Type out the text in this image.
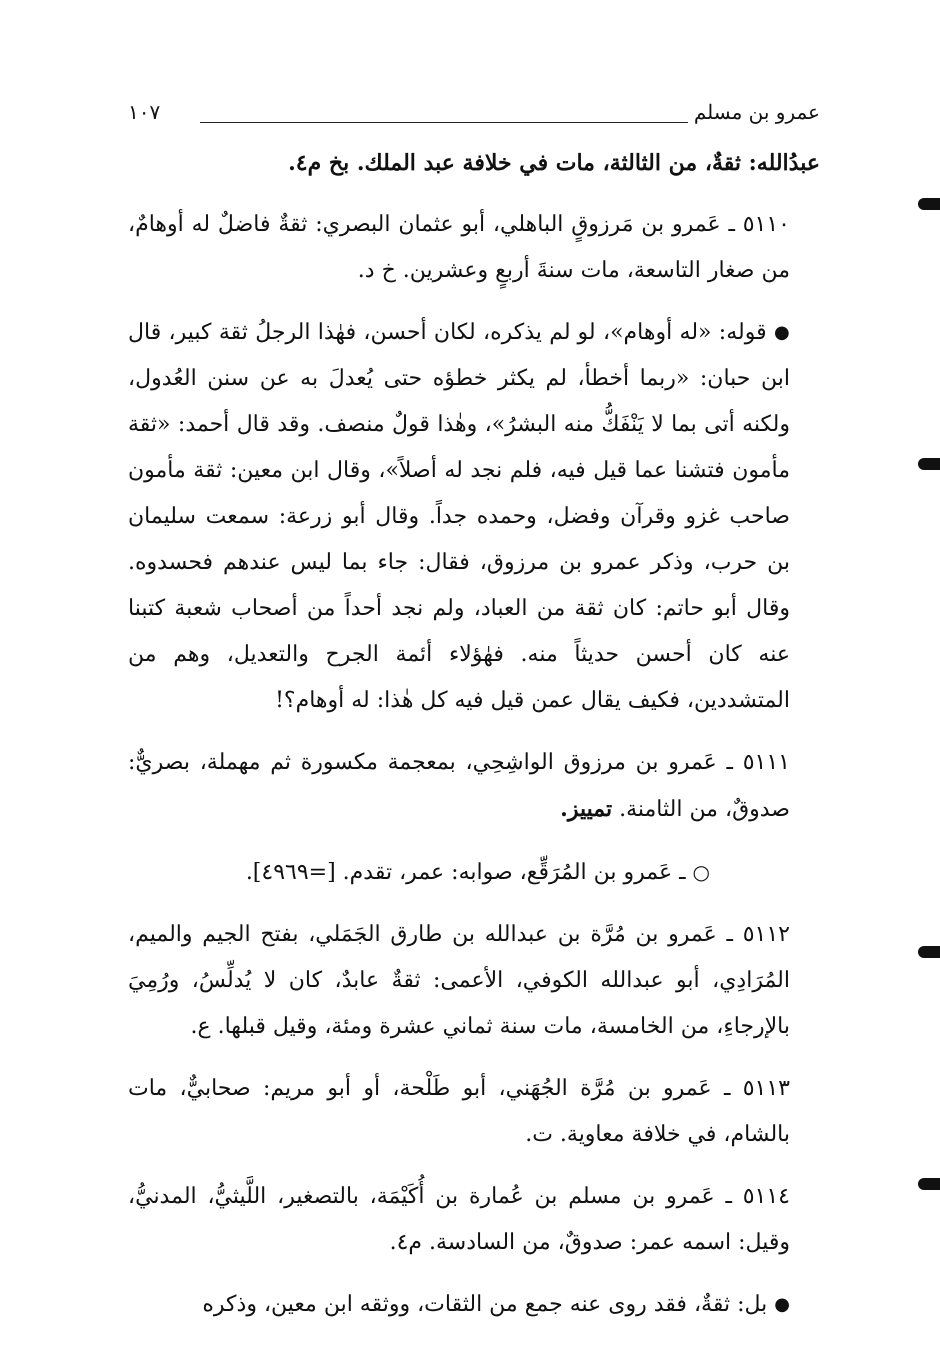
عمرو بن مسلم
١٠٧

عبدُالله: ثقةٌ، من الثالثة، مات في خلافة عبد الملك. بخ م٤.

٥١١٠ ـ عَمرو بن مَرزوقٍ الباهلي، أبو عثمان البصري: ثقةٌ فاضلٌ له أوهامٌ، من صغار التاسعة، مات سنةَ أربعٍ وعشرين. خ د.

● قوله: «له أوهام»، لو لم يذكره، لكان أحسن، فهٰذا الرجلُ ثقة كبير، قال ابن حبان: «ربما أخطأ، لم يكثر خطؤه حتى يُعدلَ به عن سنن العُدول، ولكنه أتى بما لا يَنْفَكُّ منه البشرُ»، وهٰذا قولٌ منصف. وقد قال أحمد: «ثقة مأمون فتشنا عما قيل فيه، فلم نجد له أصلاً»، وقال ابن معين: ثقة مأمون صاحب غزو وقرآن وفضل، وحمده جداً. وقال أبو زرعة: سمعت سليمان بن حرب، وذكر عمرو بن مرزوق، فقال: جاء بما ليس عندهم فحسدوه. وقال أبو حاتم: كان ثقة من العباد، ولم نجد أحداً من أصحاب شعبة كتبنا عنه كان أحسن حديثاً منه. فهٰؤلاء أئمة الجرح والتعديل، وهم من المتشددين، فكيف يقال عمن قيل فيه كل هٰذا: له أوهام؟!

٥١١١ ـ عَمرو بن مرزوق الواشِحِي، بمعجمة مكسورة ثم مهملة، بصريٌّ: صدوقٌ، من الثامنة. تمييز.

○ ـ عَمرو بن المُرَقِّع، صوابه: عمر، تقدم. [=٤٩٦٩].

٥١١٢ ـ عَمرو بن مُرَّة بن عبدالله بن طارق الجَمَلي، بفتح الجيم والميم، المُرَادِي، أبو عبدالله الكوفي، الأعمى: ثقةٌ عابدٌ، كان لا يُدلِّسُ، ورُمِيَ بالإرجاءِ، من الخامسة، مات سنة ثماني عشرة ومئة، وقيل قبلها. ع.

٥١١٣ ـ عَمرو بن مُرَّة الجُهَني، أبو طَلْحة، أو أبو مريم: صحابيٌّ، مات بالشام، في خلافة معاوية. ت.

٥١١٤ ـ عَمرو بن مسلم بن عُمارة بن أُكَيْمَة، بالتصغير، اللَّيثيُّ، المدنيُّ، وقيل: اسمه عمر: صدوقٌ، من السادسة. م٤.

● بل: ثقةٌ، فقد روى عنه جمع من الثقات، ووثقه ابن معين، وذكره
